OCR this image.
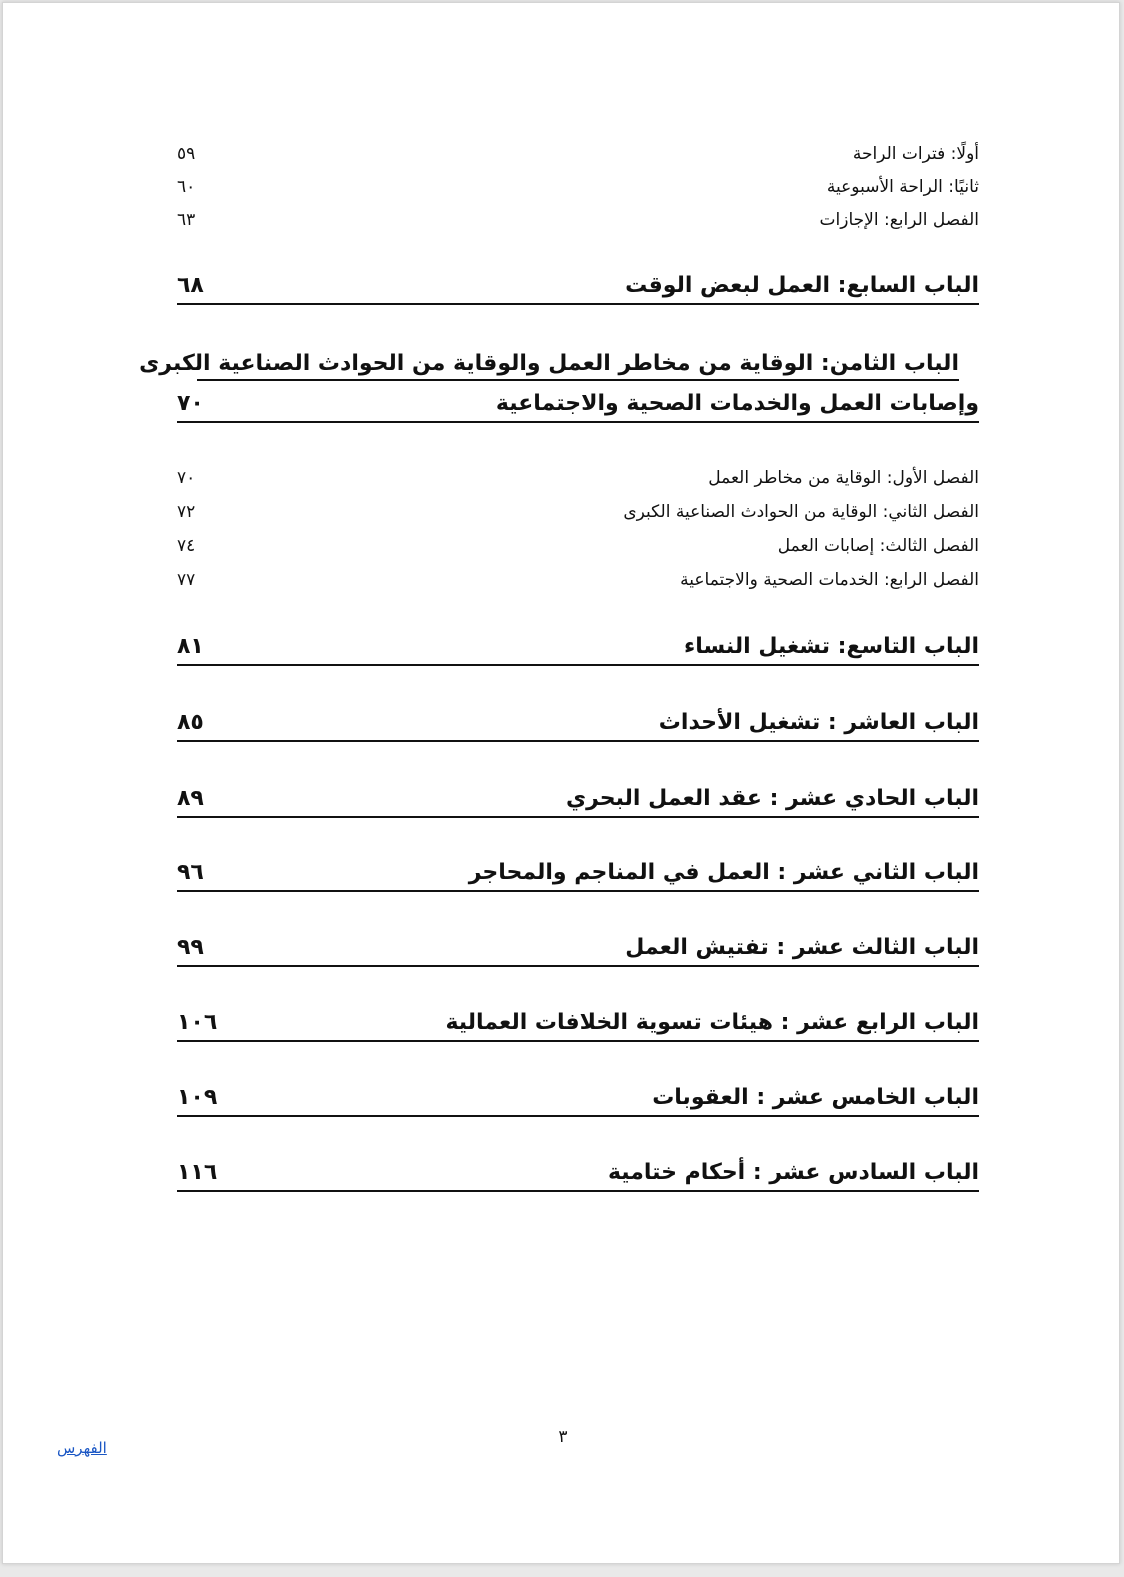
أولًا: فترات الراحة
٥٩
ثانيًا: الراحة الأسبوعية
٦٠
الفصل الرابع: الإجازات
٦٣
الباب السابع: العمل لبعض الوقت
٦٨
الباب الثامن: الوقاية من مخاطر العمل والوقاية من الحوادث الصناعية الكبرى
وإصابات العمل والخدمات الصحية والاجتماعية
٧٠
الفصل الأول: الوقاية من مخاطر العمل
٧٠
الفصل الثاني: الوقاية من الحوادث الصناعية الكبرى
٧٢
الفصل الثالث: إصابات العمل
٧٤
الفصل الرابع: الخدمات الصحية والاجتماعية
٧٧
الباب التاسع: تشغيل النساء
٨١
الباب العاشر : تشغيل الأحداث
٨٥
الباب الحادي عشر : عقد العمل البحري
٨٩
الباب الثاني عشر : العمل في المناجم والمحاجر
٩٦
الباب الثالث عشر : تفتيش العمل
٩٩
الباب الرابع عشر : هيئات تسوية الخلافات العمالية
١٠٦
الباب الخامس عشر : العقوبات
١٠٩
الباب السادس عشر : أحكام ختامية
١١٦
٣
الفهرس
